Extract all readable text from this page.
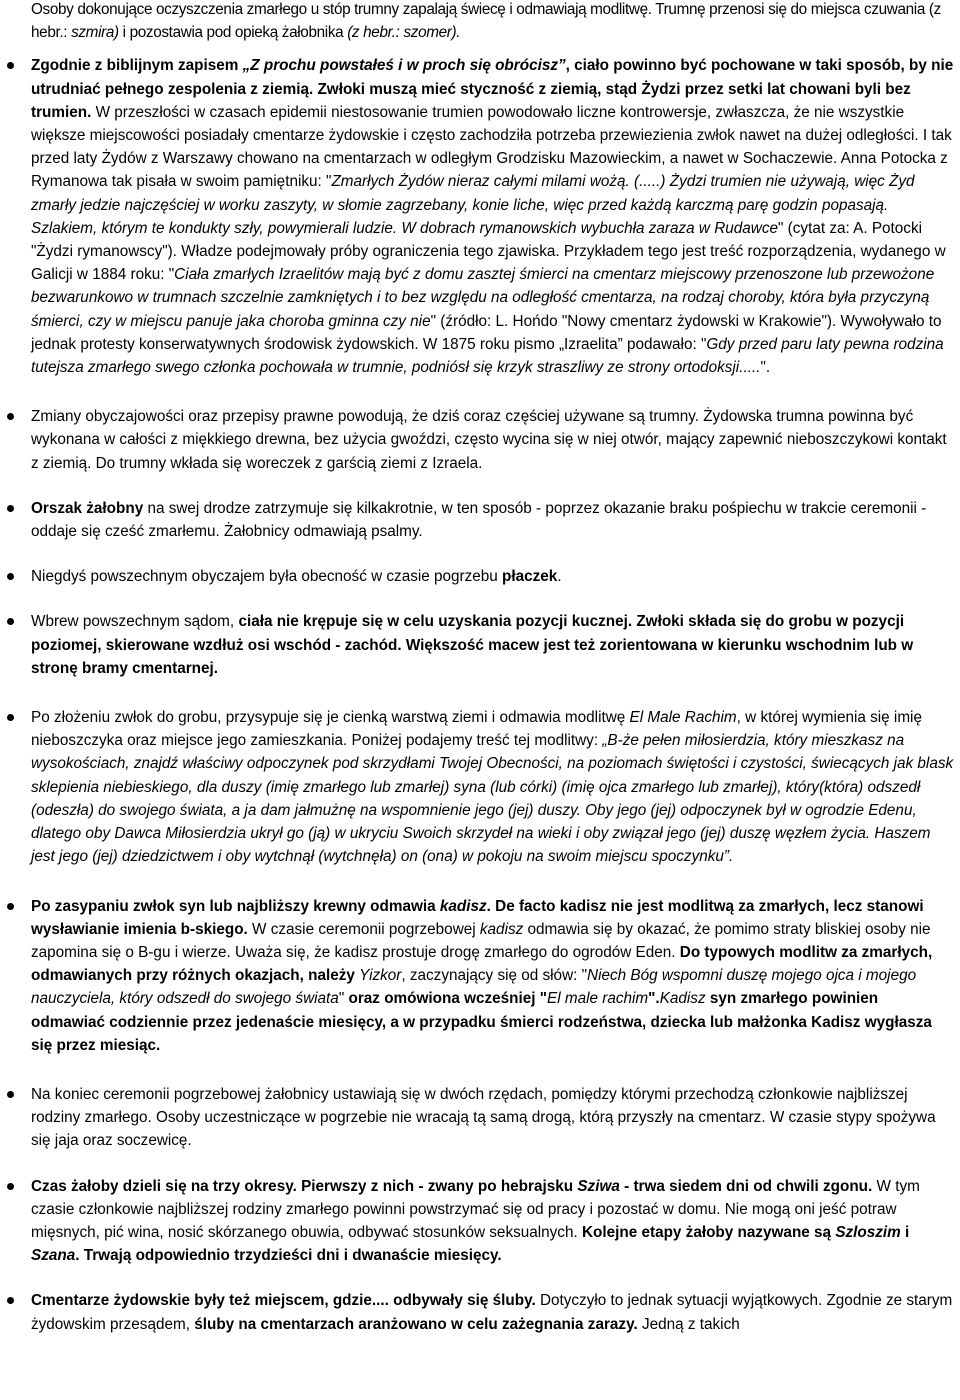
Osoby dokonujące oczyszczenia zmarłego u stóp trumny zapalają świecę i odmawiają modlitwę. Trumnę przenosi się do miejsca czuwania (z hebr.: szmira) i pozostawia pod opieką żałobnika (z hebr.: szomer).
Zgodnie z biblijnym zapisem „Z prochu powstałeś i w proch się obrócisz”, ciało powinno być pochowane w taki sposób, by nie utrudniać pełnego zespolenia z ziemią. Zwłoki muszą mieć styczność z ziemią, stąd Żydzi przez setki lat chowani byli bez trumien. W przeszłości w czasach epidemii niestosowanie trumien powodowało liczne kontrowersje, zwłaszcza, że nie wszystkie większe miejscowości posiadały cmentarze żydowskie i często zachodziła potrzeba przewiezienia zwłok nawet na dużej odległości. I tak przed laty Żydów z Warszawy chowano na cmentarzach w odległym Grodzisku Mazowieckim, a nawet w Sochaczewie. Anna Potocka z Rymanowa tak pisała w swoim pamiętniku: "Zmarłych Żydów nieraz całymi milami wożą. (.....) Żydzi trumien nie używają, więc Żyd zmarły jedzie najczęściej w worku zaszyty, w słomie zagrzebany, konie liche, więc przed każdą karczmą parę godzin popasają. Szlakiem, którym te kondukty szły, powymierali ludzie. W dobrach rymanowskich wybuchła zaraza w Rudawce" (cytat za: A. Potocki "Żydzi rymanowscy"). Władze podejmowały próby ograniczenia tego zjawiska. Przykładem tego jest treść rozporządzenia, wydanego w Galicji w 1884 roku: "Ciała zmarłych Izraelitów mają być z domu zasztej śmierci na cmentarz miejscowy przenoszone lub przewożone bezwarunkowo w trumnach szczelnie zamkniętych i to bez względu na odległość cmentarza, na rodzaj choroby, która była przyczyną śmierci, czy w miejscu panuje jaka choroba gminna czy nie" (źródło: L. Hońdo "Nowy cmentarz żydowski w Krakowie"). Wywoływało to jednak protesty konserwatywnych środowisk żydowskich. W 1875 roku pismo „Izraelita” podawało: "Gdy przed paru laty pewna rodzina tutejsza zmarłego swego członka pochowała w trumnie, podniósł się krzyk straszliwy ze strony ortodoksji.....".
Zmiany obyczajowości oraz przepisy prawne powodują, że dziś coraz częściej używane są trumny. Żydowska trumna powinna być wykonana w całości z miękkiego drewna, bez użycia gwoździ, często wycina się w niej otwór, mający zapewnić nieboszczykowi kontakt z ziemią. Do trumny wkłada się woreczek z garścią ziemi z Izraela.
Orszak żałobny na swej drodze zatrzymuje się kilkakrotnie, w ten sposób - poprzez okazanie braku pośpiechu w trakcie ceremonii - oddaje się cześć zmarłemu. Żałobnicy odmawiają psalmy.
Niegdyś powszechnym obyczajem była obecność w czasie pogrzebu płaczek.
Wbrew powszechnym sądom, ciała nie krępuje się w celu uzyskania pozycji kucznej. Zwłoki składa się do grobu w pozycji poziomej, skierowane wzdłuż osi wschód - zachód. Większość macew jest też zorientowana w kierunku wschodnim lub w stronę bramy cmentarnej.
Po złożeniu zwłok do grobu, przysypuje się je cienką warstwą ziemi i odmawia modlitwę El Male Rachim, w której wymienia się imię nieboszczyka oraz miejsce jego zamieszkania. Poniżej podajemy treść tej modlitwy: „B-że pełen miłosierdzia, który mieszkasz na wysokościach, znajdź właściwy odpoczynek pod skrzydłami Twojej Obecności, na poziomach świętości i czystości, świecących jak blask sklepienia niebieskiego, dla duszy (imię zmarłego lub zmarłej) syna (lub córki) (imię ojca zmarłego lub zmarłej), który(która) odszedł (odeszła) do swojego świata, a ja dam jałmużnę na wspomnienie jego (jej) duszy. Oby jego (jej) odpoczynek był w ogrodzie Edenu, dlatego oby Dawca Miłosierdzia ukrył go (ją) w ukryciu Swoich skrzydeł na wieki i oby związał jego (jej) duszę węzłem życia. Haszem jest jego (jej) dziedzictwem i oby wytchnął (wytchnęła) on (ona) w pokoju na swoim miejscu spoczynku”.
Po zasypaniu zwłok syn lub najbliższy krewny odmawia kadisz. De facto kadisz nie jest modlitwą za zmarłych, lecz stanowi wysławianie imienia b-skiego. W czasie ceremonii pogrzebowej kadisz odmawia się by okazać, że pomimo straty bliskiej osoby nie zapomina się o B-gu i wierze. Uważa się, że kadisz prostuje drogę zmarłego do ogrodów Eden. Do typowych modlitw za zmarłych, odmawianych przy różnych okazjach, należy Yizkor, zaczynający się od słów: "Niech Bóg wspomni duszę mojego ojca i mojego nauczyciela, który odszedł do swojego świata" oraz omówiona wcześniej "El male rachim".Kadisz syn zmarłego powinien odmawiać codziennie przez jedenaście miesięcy, a w przypadku śmierci rodzeństwa, dziecka lub małżonka Kadisz wygłasza się przez miesiąc.
Na koniec ceremonii pogrzebowej żałobnicy ustawiają się w dwóch rzędach, pomiędzy którymi przechodzą członkowie najbliższej rodziny zmarłego. Osoby uczestniczące w pogrzebie nie wracają tą samą drogą, którą przyszły na cmentarz. W czasie stypy spożywa się jaja oraz soczewicę.
Czas żałoby dzieli się na trzy okresy. Pierwszy z nich - zwany po hebrajsku Sziwa - trwa siedem dni od chwili zgonu. W tym czasie członkowie najbliższej rodziny zmarłego powinni powstrzymać się od pracy i pozostać w domu. Nie mogą oni jeść potraw mięsnych, pić wina, nosić skórzanego obuwia, odbywać stosunków seksualnych. Kolejne etapy żałoby nazywane są Szloszim i Szana. Trwają odpowiednio trzydzieści dni i dwanaście miesięcy.
Cmentarze żydowskie były też miejscem, gdzie.... odbywały się śluby. Dotyczyło to jednak sytuacji wyjątkowych. Zgodnie ze starym żydowskim przesądem, śluby na cmentarzach aranżowano w celu zażegnania zarazy. Jedną z takich
